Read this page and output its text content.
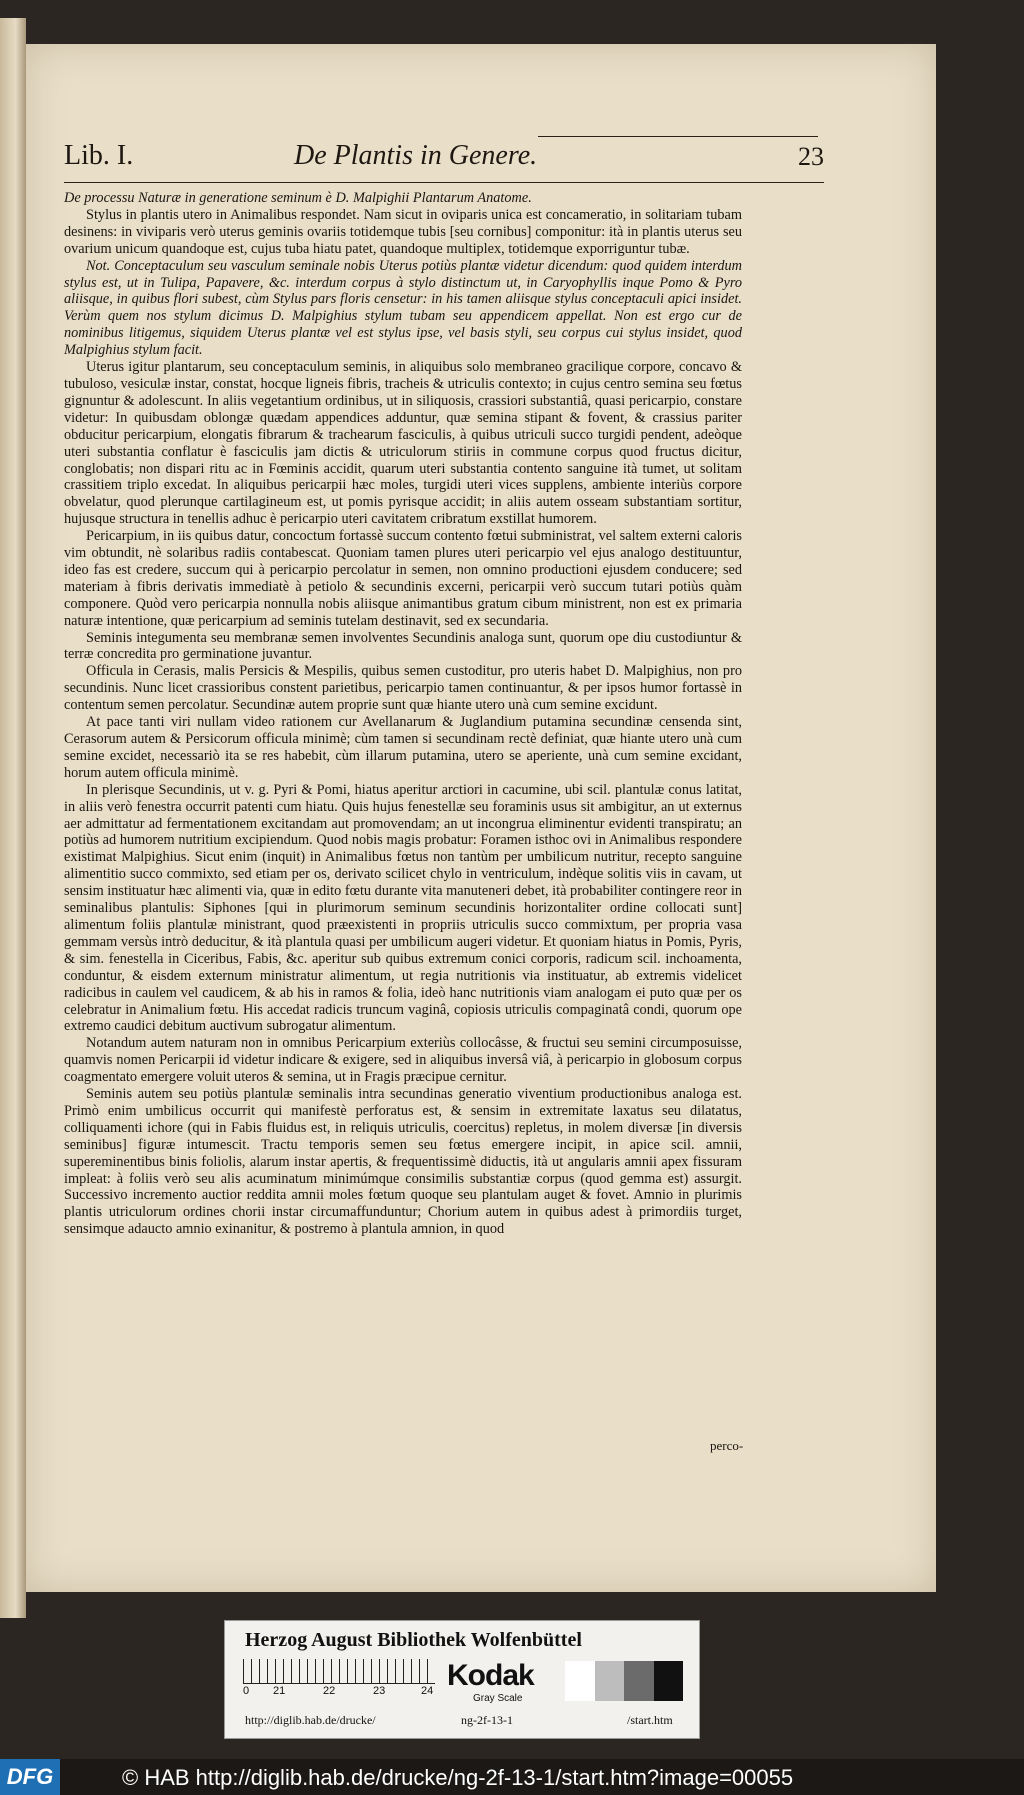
Lib. I.	De Plantis in Genere.	23

De processu Naturæ in generatione seminum è D. Malpighii Plantarum Anatome.

Stylus in plantis utero in Animalibus respondet. Nam sicut in oviparis unica est concameratio, in solitariam tubam desinens: in viviparis verò uterus geminis ovariis totidemque tubis [seu cornibus] componitur: ità in plantis uterus seu ovarium unicum quandoque est, cujus tuba hiatu patet, quandoque multiplex, totidemque exporriguntur tubæ.

Not. Conceptaculum seu vasculum seminale nobis Uterus potiùs plantæ videtur dicendum: quod quidem interdum stylus est, ut in Tulipa, Papavere, &c. interdum corpus à stylo distinctum ut, in Caryophyllis inque Pomo & Pyro aliisque, in quibus flori subest, cùm Stylus pars floris censetur: in his tamen aliisque stylus conceptaculi apici insidet. Verùm quem nos stylum dicimus D. Malpighius stylum tubam seu appendicem appellat. Non est ergo cur de nominibus litigemus, siquidem Uterus plantæ vel est stylus ipse, vel basis styli, seu corpus cui stylus insidet, quod Malpighius stylum facit.

Uterus igitur plantarum, seu conceptaculum seminis, in aliquibus solo membraneo gracilique corpore, concavo & tubuloso, vesiculæ instar, constat, hocque ligneis fibris, tracheis & utriculis contexto; in cujus centro semina seu fœtus gignuntur & adolescunt. In aliis vegetantium ordinibus, ut in siliquosis, crassiori substantiâ, quasi pericarpio, constare videtur: In quibusdam oblongæ quædam appendices adduntur, quæ semina stipant & fovent, & crassius pariter obducitur pericarpium, elongatis fibrarum & trachearum fasciculis, à quibus utriculi succo turgidi pendent, adeòque uteri substantia conflatur è fasciculis jam dictis & utriculorum stiriis in commune corpus quod fructus dicitur, conglobatis; non dispari ritu ac in Fœminis accidit, quarum uteri substantia contento sanguine ità tumet, ut solitam crassitiem triplo excedat. In aliquibus pericarpii hæc moles, turgidi uteri vices supplens, ambiente interiùs corpore obvelatur, quod plerunque cartilagineum est, ut pomis pyrisque accidit; in aliis autem osseam substantiam sortitur, hujusque structura in tenellis adhuc è pericarpio uteri cavitatem cribratum exstillat humorem.

Pericarpium, in iis quibus datur, concoctum fortassè succum contento fœtui subministrat, vel saltem externi caloris vim obtundit, nè solaribus radiis contabescat. Quoniam tamen plures uteri pericarpio vel ejus analogo destituuntur, ideo fas est credere, succum qui à pericarpio percolatur in semen, non omnino productioni ejusdem conducere; sed materiam à fibris derivatis immediatè à petiolo & secundinis excerni, pericarpii verò succum tutari potiùs quàm componere. Quòd vero pericarpia nonnulla nobis aliisque animantibus gratum cibum ministrent, non est ex primaria naturæ intentione, quæ pericarpium ad seminis tutelam destinavit, sed ex secundaria.

Seminis integumenta seu membranæ semen involventes Secundinis analoga sunt, quorum ope diu custodiuntur & terræ concredita pro germinatione juvantur.

Officula in Cerasis, malis Persicis & Mespilis, quibus semen custoditur, pro uteris habet D. Malpighius, non pro secundinis. Nunc licet crassioribus constent parietibus, pericarpio tamen continuantur, & per ipsos humor fortassè in contentum semen percolatur. Secundinæ autem proprie sunt quæ hiante utero unà cum semine excidunt.

At pace tanti viri nullam video rationem cur Avellanarum & Juglandium putamina secundinæ censenda sint, Cerasorum autem & Persicorum officula minimè; cùm tamen si secundinam rectè definiat, quæ hiante utero unà cum semine excidet, necessariò ita se res habebit, cùm illarum putamina, utero se aperiente, unà cum semine excidant, horum autem officula minimè.

In plerisque Secundinis, ut v. g. Pyri & Pomi, hiatus aperitur arctiori in cacumine, ubi scil. plantulæ conus latitat, in aliis verò fenestra occurrit patenti cum hiatu. Quis hujus fenestellæ seu foraminis usus sit ambigitur, an ut externus aer admittatur ad fermentationem excitandam aut promovendam; an ut incongrua eliminentur evidenti transpiratu; an potiùs ad humorem nutritium excipiendum. Quod nobis magis probatur: Foramen isthoc ovi in Animalibus respondere existimat Malpighius. Sicut enim (inquit) in Animalibus fœtus non tantùm per umbilicum nutritur, recepto sanguine alimentitio succo commixto, sed etiam per os, derivato scilicet chylo in ventriculum, indèque solitis viis in cavam, ut sensim instituatur hæc alimenti via, quæ in edito fœtu durante vita manuteneri debet, ità probabiliter contingere reor in seminalibus plantulis: Siphones [qui in plurimorum seminum secundinis horizontaliter ordine collocati sunt] alimentum foliis plantulæ ministrant, quod præexistenti in propriis utriculis succo commixtum, per propria vasa gemmam versùs intrò deducitur, & ità plantula quasi per umbilicum augeri videtur. Et quoniam hiatus in Pomis, Pyris, & sim. fenestella in Ciceribus, Fabis, &c. aperitur sub quibus extremum conici corporis, radicum scil. inchoamenta, conduntur, & eisdem externum ministratur alimentum, ut regia nutritionis via instituatur, ab extremis videlicet radicibus in caulem vel caudicem, & ab his in ramos & folia, ideò hanc nutritionis viam analogam ei puto quæ per os celebratur in Animalium fœtu. His accedat radicis truncum vaginâ, copiosis utriculis compaginatâ condi, quorum ope extremo caudici debitum auctivum subrogatur alimentum.

Notandum autem naturam non in omnibus Pericarpium exteriùs collocâsse, & fructui seu semini circumposuisse, quamvis nomen Pericarpii id videtur indicare & exigere, sed in aliquibus inversâ viâ, à pericarpio in globosum corpus coagmentato emergere voluit uteros & semina, ut in Fragis præcipue cernitur.

Seminis autem seu potiùs plantulæ seminalis intra secundinas generatio viventium productionibus analoga est. Primò enim umbilicus occurrit qui manifestè perforatus est, & sensim in extremitate laxatus seu dilatatus, colliquamenti ichore (qui in Fabis fluidus est, in reliquis utriculis, coercitus) repletus, in molem diversæ [in diversis seminibus] figuræ intumescit. Tractu temporis semen seu fœtus emergere incipit, in apice scil. amnii, supereminentibus binis foliolis, alarum instar apertis, & frequentissimè diductis, ità ut angularis amnii apex fissuram impleat: à foliis verò seu alis acuminatum minimúmque consimilis substantiæ corpus (quod gemma est) assurgit. Successivo incremento auctior reddita amnii moles fœtum quoque seu plantulam auget & fovet. Amnio in plurimis plantis utriculorum ordines chorii instar circumaffunduntur; Chorium autem in quibus adest à primordiis turget, sensimque adaucto amnio exinanitur, & postremo à plantula amnion, in quod

perco-
Herzog August Bibliothek Wolfenbüttel
0 21	22	23	24 Kodak
Gray Scale
http://diglib.hab.de/drucke/	ng-2f-13-1	/start.htm
DFG	© HAB http://diglib.hab.de/drucke/ng-2f-13-1/start.htm?image=00055
